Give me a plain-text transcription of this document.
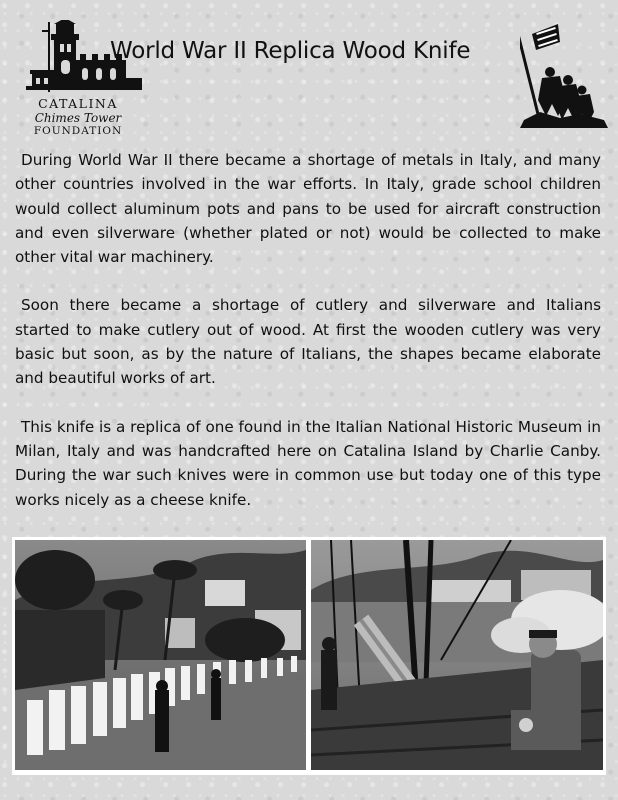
CATALINA
Chimes Tower
FOUNDATION
World War II Replica Wood Knife

During World War II there became a shortage of metals in Italy, and many other countries involved in the war efforts. In Italy, grade school children would collect aluminum pots and pans to be used for aircraft construction and even silverware (whether plated or not) would be collected to make other vital war machinery.

Soon there became a shortage of cutlery and silverware and Italians started to make cutlery out of wood. At first the wooden cutlery was very basic but soon, as by the nature of Italians, the shapes became elaborate and beautiful works of art.

This knife is a replica of one found in the Italian National Historic Museum in Milan, Italy and was handcrafted here on Catalina Island by Charlie Canby. During the war such knives were in common use but today one of this type works nicely as a cheese knife.
